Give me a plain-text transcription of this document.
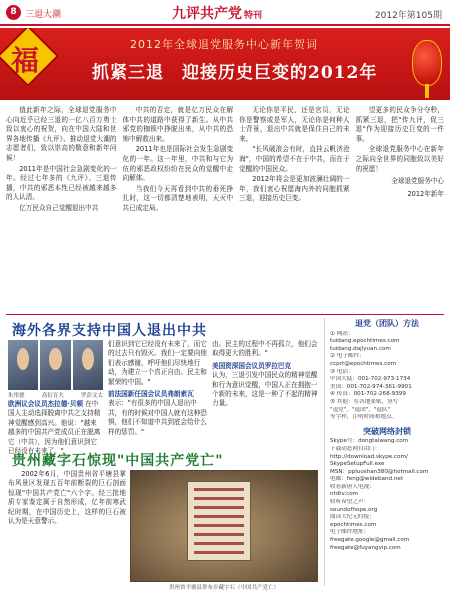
8 三退大潮	九评共产党 特刊	2012年第105期
福	2012年全球退党服务中心新年贺词
抓紧三退　迎接历史巨变的2012年

值此新年之际，全球退党服务中心向近乎已经三退的一亿八百万勇士致以衷心的祝贺，向在中国大陆和世界各地传播《九评》、推动退党大潮的志愿者们，致以崇高的敬意和新年问候！

2011年是中国社会急剧变化的一年。经过七年多的《九评》、三退传播，中共的邪恶本性已经被越来越多的人认清。

亿万民众自己觉醒退出中共

中共的否定，就是亿万民众在解体中共的道路中获得了新生。从中共邪党的枷锁中挣脱出来，从中共的恐怖中解救出来。

2011年也是国际社会发生急剧变化的一年。这一年里，中共和与它为伍的邪恶政权纷纷在民众的觉醒中走向解体。

当我们今天再看到中共的垂死挣扎时，这一切都清楚地表明，天灭中共已成定局。

无论你是平民，还是官员，无论你是警察或是军人，无论你是何种人士背景，退出中共就是保住自己的未来。

"长风破浪会有时，直挂云帆济沧海"，中国的希望不在于中共，而在于觉醒的中国民众。

2012年将会是更加波澜壮阔的一年，我们衷心祝愿海内外的同胞抓紧三退，迎接历史巨变。

望更多的民众争分夺秒，抓紧三退，把"传九评，促三退"作为迎接历史巨变的一件事。

全球退党服务中心在新年之际向全世界的同胞致以美好的祝愿！

全球退党服务中心
2012年新年
海外各界支持中国人退出中共
朱彤德	高衍育夫	罗彭文太
欧洲议会议员杰拉德·贝顿 在中国人主动选择脱离中共之支持精神觉醒感到高兴。他说："越来越多的中国共产党成员正在脱离它（中共），因为他们意识到它已经没有未来了。"
们意识到它已经没有未来了，而它的过去只有毁灭。我们一定要向他们表示感谢，呼吁他们尽快地行动，为建立一个真正自由、民主和繁荣的中国。"
前法国新任国会议员弗朗索瓦
表示："有很多的中国人退出中共，有的时候对中国人就有这种恐惧，他们不知道中共到底会给什么样的惩罚。"
由。民主的过程中不再孤立，他们会取得更大的胜利。"
美国资深国会议员罗拉巴克
认为，三退引发中国民众的精神觉醒和行为意识觉醒，中国人正在拥抱一个新的未来，这是一种了不起的精神力量。
退党（团队）方法
① 网站：
tuidang.epochtimes.com
tuidang.dajiyuan.com
② 电子邮件：
ccprt@epochtimes.com
③ 电话：
中国大陆：001-702-973-1734
美国：001-702-974-361-9901
④ 传真：001-702-268-9399
⑤ 其他：在各地张贴，签写
"退党"，"退团"，"退队"
等字样，注明时间和地点。
突破网络封锁
Skype号：dongtaiwang.com
下载动态网自由门：
http://download.skype.com/
SkypeSetupFull.exe
MSN：ppluoshan380@hotmail.com
电邮：feng@wideband.net
收看新唐人电视：
ntdtv.com
收听希望之声：
soundofhope.org
阅读大纪元时报：
epochtimes.com
电子邮件地址：
freegate.google@gmail.com
freegate@fuyangvip.com
贵州藏字石惊现"中国共产党亡"

2002年6月，中国贵州省平塘县掌布风景区发现五百年前断裂的巨石剖面惊现"中国共产党亡"六个字。经三批地质专家鉴定属于自然形成，亿年前寒武纪时期，在中国历史上，这样的巨石被认为是天意警示。

贵州省平塘县掌布乡藏字石（中国共产党亡）
